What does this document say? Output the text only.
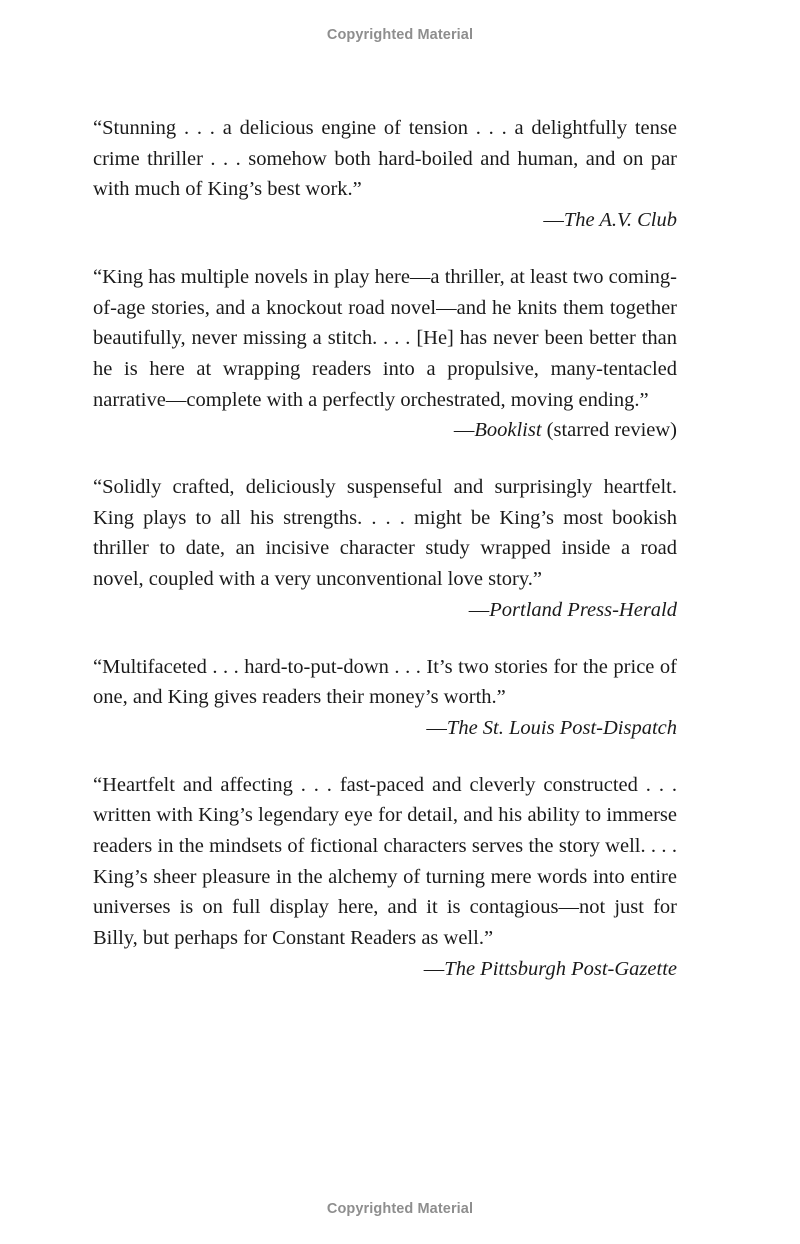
Copyrighted Material

“Stunning . . . a delicious engine of tension . . . a delightfully tense crime thriller . . . somehow both hard-boiled and human, and on par with much of King’s best work.”

—The A.V. Club

“King has multiple novels in play here—a thriller, at least two coming-of-age stories, and a knockout road novel—and he knits them together beautifully, never missing a stitch. . . . [He] has never been better than he is here at wrapping readers into a propulsive, many-tentacled narrative—complete with a perfectly orchestrated, moving ending.”

—Booklist (starred review)

“Solidly crafted, deliciously suspenseful and surprisingly heartfelt. King plays to all his strengths. . . . might be King’s most bookish thriller to date, an incisive character study wrapped inside a road novel, coupled with a very unconventional love story.”

—Portland Press-Herald

“Multifaceted . . . hard-to-put-down . . . It’s two stories for the price of one, and King gives readers their money’s worth.”

—The St. Louis Post-Dispatch

“Heartfelt and affecting . . . fast-paced and cleverly constructed . . . written with King’s legendary eye for detail, and his ability to immerse readers in the mindsets of fictional characters serves the story well. . . . King’s sheer pleasure in the alchemy of turning mere words into entire universes is on full display here, and it is contagious—not just for Billy, but perhaps for Constant Readers as well.”

—The Pittsburgh Post-Gazette

Copyrighted Material
